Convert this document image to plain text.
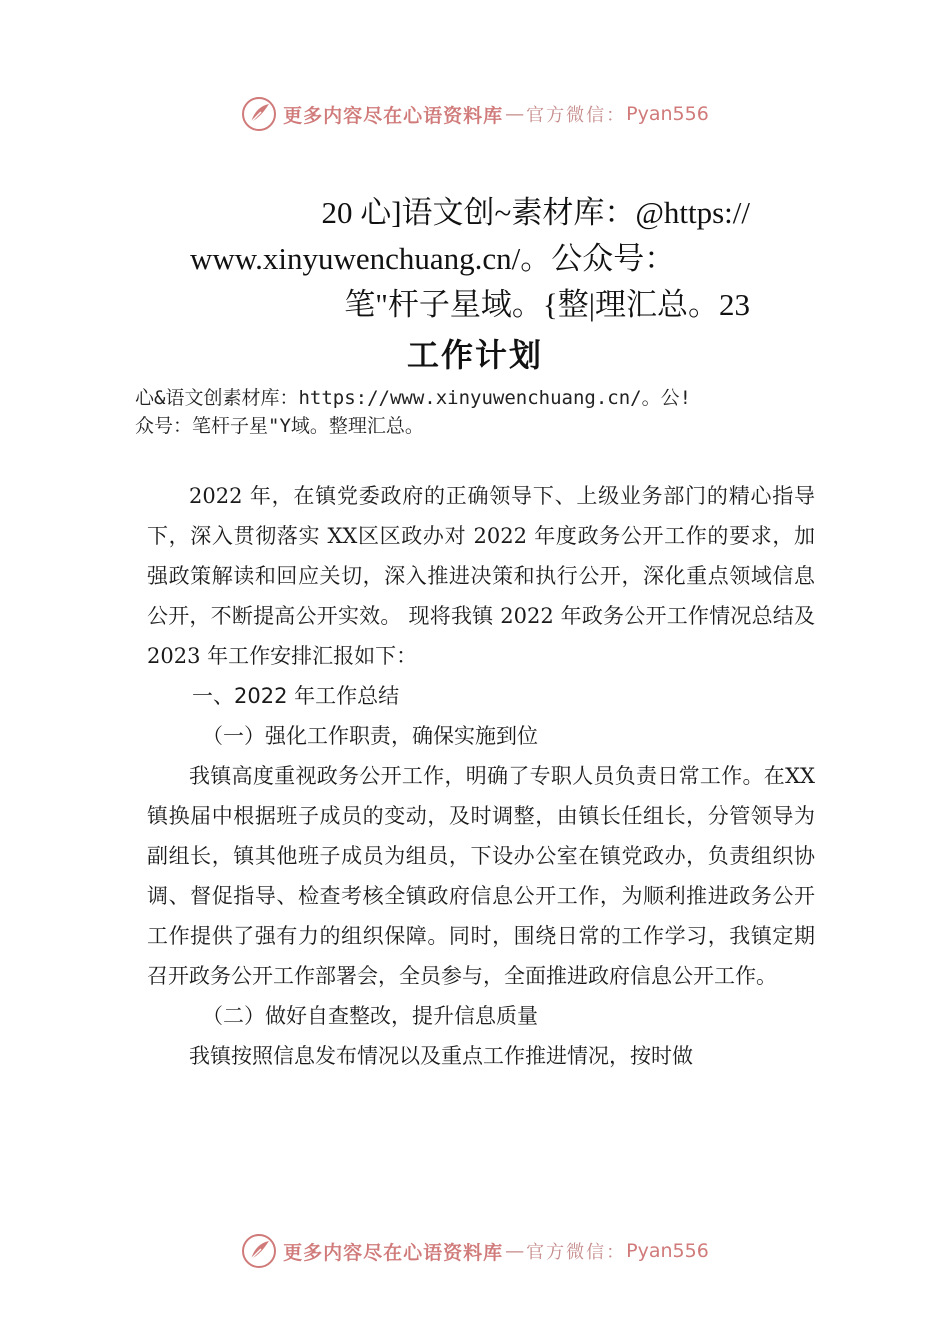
更多内容尽在心语资料库 — 官方微信： Pyan556
20 心]语文创~素材库：@https://
www.xinyuwenchuang.cn/。公众号：
笔"杆子星域。{整|理汇总。23
工作计划
心&语文创素材库：https://www.xinyuwenchuang.cn/。公!
众号：笔杆子星"Y域。整理汇总。

2022 年，在镇党委政府的正确领导下、上级业务部门的精心指导下，深入贯彻落实 XX区区政办对 2022 年度政务公开工作的要求，加强政策解读和回应关切，深入推进决策和执行公开，深化重点领域信息公开，不断提高公开实效。 现将我镇 2022 年政务公开工作情况总结及 2023 年工作安排汇报如下：

一、2022 年工作总结

（一）强化工作职责，确保实施到位

我镇高度重视政务公开工作，明确了专职人员负责日常工作。在XX镇换届中根据班子成员的变动，及时调整，由镇长任组长，分管领导为副组长，镇其他班子成员为组员，下设办公室在镇党政办，负责组织协调、督促指导、检查考核全镇政府信息公开工作，为顺利推进政务公开工作提供了强有力的组织保障。同时，围绕日常的工作学习，我镇定期召开政务公开工作部署会，全员参与，全面推进政府信息公开工作。

（二）做好自查整改，提升信息质量

我镇按照信息发布情况以及重点工作推进情况，按时做

更多内容尽在心语资料库 — 官方微信： Pyan556
